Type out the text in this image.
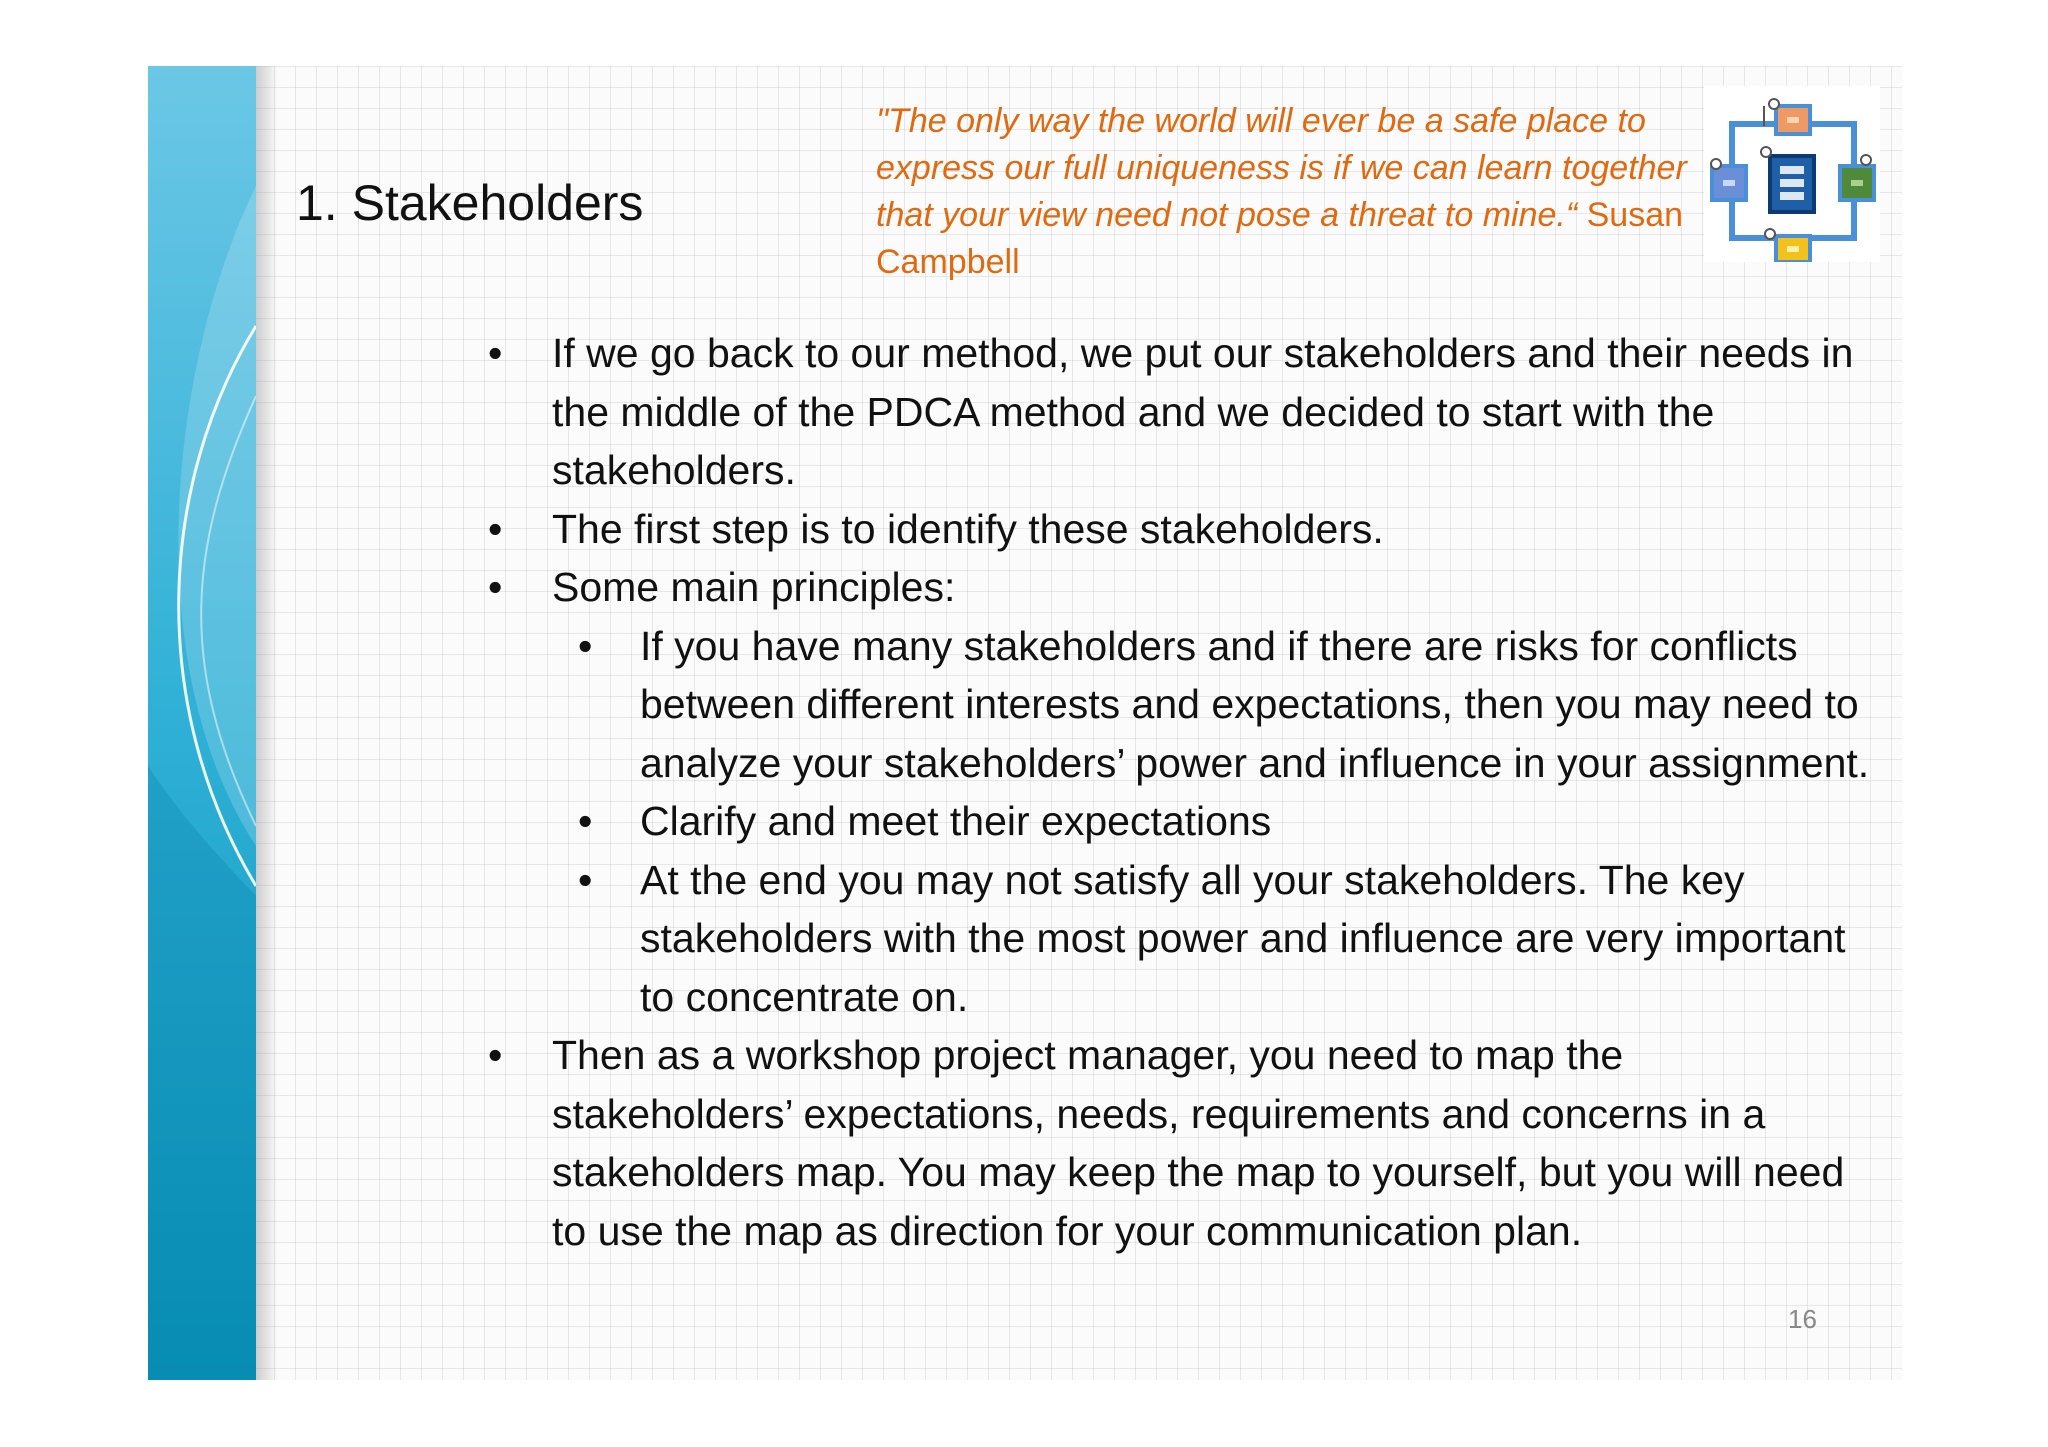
1. Stakeholders
"The only way the world will ever be a safe place to express our full uniqueness is if we can learn together that your view need not pose a threat to mine.“ Susan Campbell
• If we go back to our method, we put our stakeholders and their needs in the middle of the PDCA method and we decided to start with the stakeholders.
• The first step is to identify these stakeholders.
• Some main principles:
• If you have many stakeholders and if there are risks for conflicts between different interests and expectations, then you may need to analyze your stakeholders’ power and influence in your assignment.
• Clarify and meet their expectations
• At the end you may not satisfy all your stakeholders. The key stakeholders with the most power and influence are very important to concentrate on.
• Then as a workshop project manager, you need to map the stakeholders’ expectations, needs, requirements and concerns in a stakeholders map. You may keep the map to yourself, but you will need to use the map as direction for your communication plan.
16
